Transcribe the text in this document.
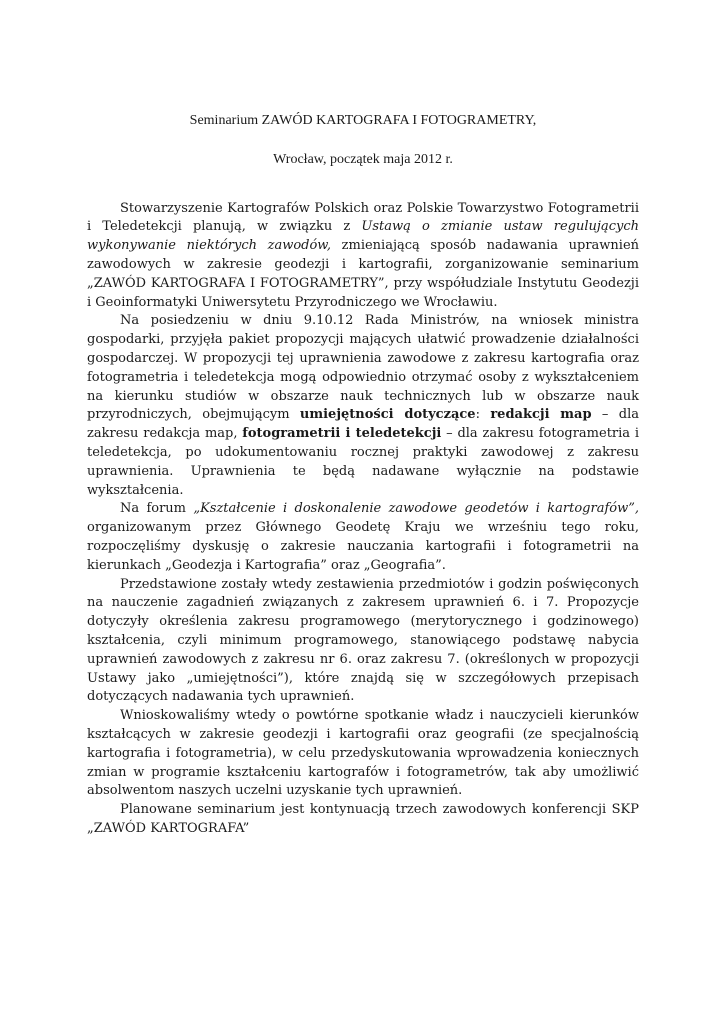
Seminarium ZAWÓD KARTOGRAFA I FOTOGRAMETRY,

Wrocław, początek maja 2012 r.

Stowarzyszenie Kartografów Polskich oraz Polskie Towarzystwo Fotogrametrii i Teledetekcji planują, w związku z Ustawą o zmianie ustaw regulujących wykonywanie niektórych zawodów, zmieniającą sposób nadawania uprawnień zawodowych w zakresie geodezji i kartografii, zorganizowanie seminarium „ZAWÓD KARTOGRAFA I FOTOGRAMETRY”, przy współudziale Instytutu Geodezji i Geoinformatyki Uniwersytetu Przyrodniczego we Wrocławiu.

Na posiedzeniu w dniu 9.10.12 Rada Ministrów, na wniosek ministra gospodarki, przyjęła pakiet propozycji mających ułatwić prowadzenie działalności gospodarczej. W propozycji tej uprawnienia zawodowe z zakresu kartografia oraz fotogrametria i teledetekcja mogą odpowiednio otrzymać osoby z wykształceniem na kierunku studiów w obszarze nauk technicznych lub w obszarze nauk przyrodniczych, obejmującym umiejętności dotyczące: redakcji map – dla zakresu redakcja map, fotogrametrii i teledetekcji – dla zakresu fotogrametria i teledetekcja, po udokumentowaniu rocznej praktyki zawodowej z zakresu uprawnienia. Uprawnienia te będą nadawane wyłącznie na podstawie wykształcenia.

Na forum „Kształcenie i doskonalenie zawodowe geodetów i kartografów”, organizowanym przez Głównego Geodetę Kraju we wrześniu tego roku, rozpoczęliśmy dyskusję o zakresie nauczania kartografii i fotogrametrii na kierunkach „Geodezja i Kartografia” oraz „Geografia”.

Przedstawione zostały wtedy zestawienia przedmiotów i godzin poświęconych na nauczenie zagadnień związanych z zakresem uprawnień 6. i 7. Propozycje dotyczyły określenia zakresu programowego (merytorycznego i godzinowego) kształcenia, czyli minimum programowego, stanowiącego podstawę nabycia uprawnień zawodowych z zakresu nr 6. oraz zakresu 7. (określonych w propozycji Ustawy jako „umiejętności”), które znajdą się w szczegółowych przepisach dotyczących nadawania tych uprawnień.

Wnioskowaliśmy wtedy o powtórne spotkanie władz i nauczycieli kierunków kształcących w zakresie geodezji i kartografii oraz geografii (ze specjalnością kartografia i fotogrametria), w celu przedyskutowania wprowadzenia koniecznych zmian w programie kształceniu kartografów i fotogrametrów, tak aby umożliwić absolwentom naszych uczelni uzyskanie tych uprawnień.

Planowane seminarium jest kontynuacją trzech zawodowych konferencji SKP „ZAWÓD KARTOGRAFA”
